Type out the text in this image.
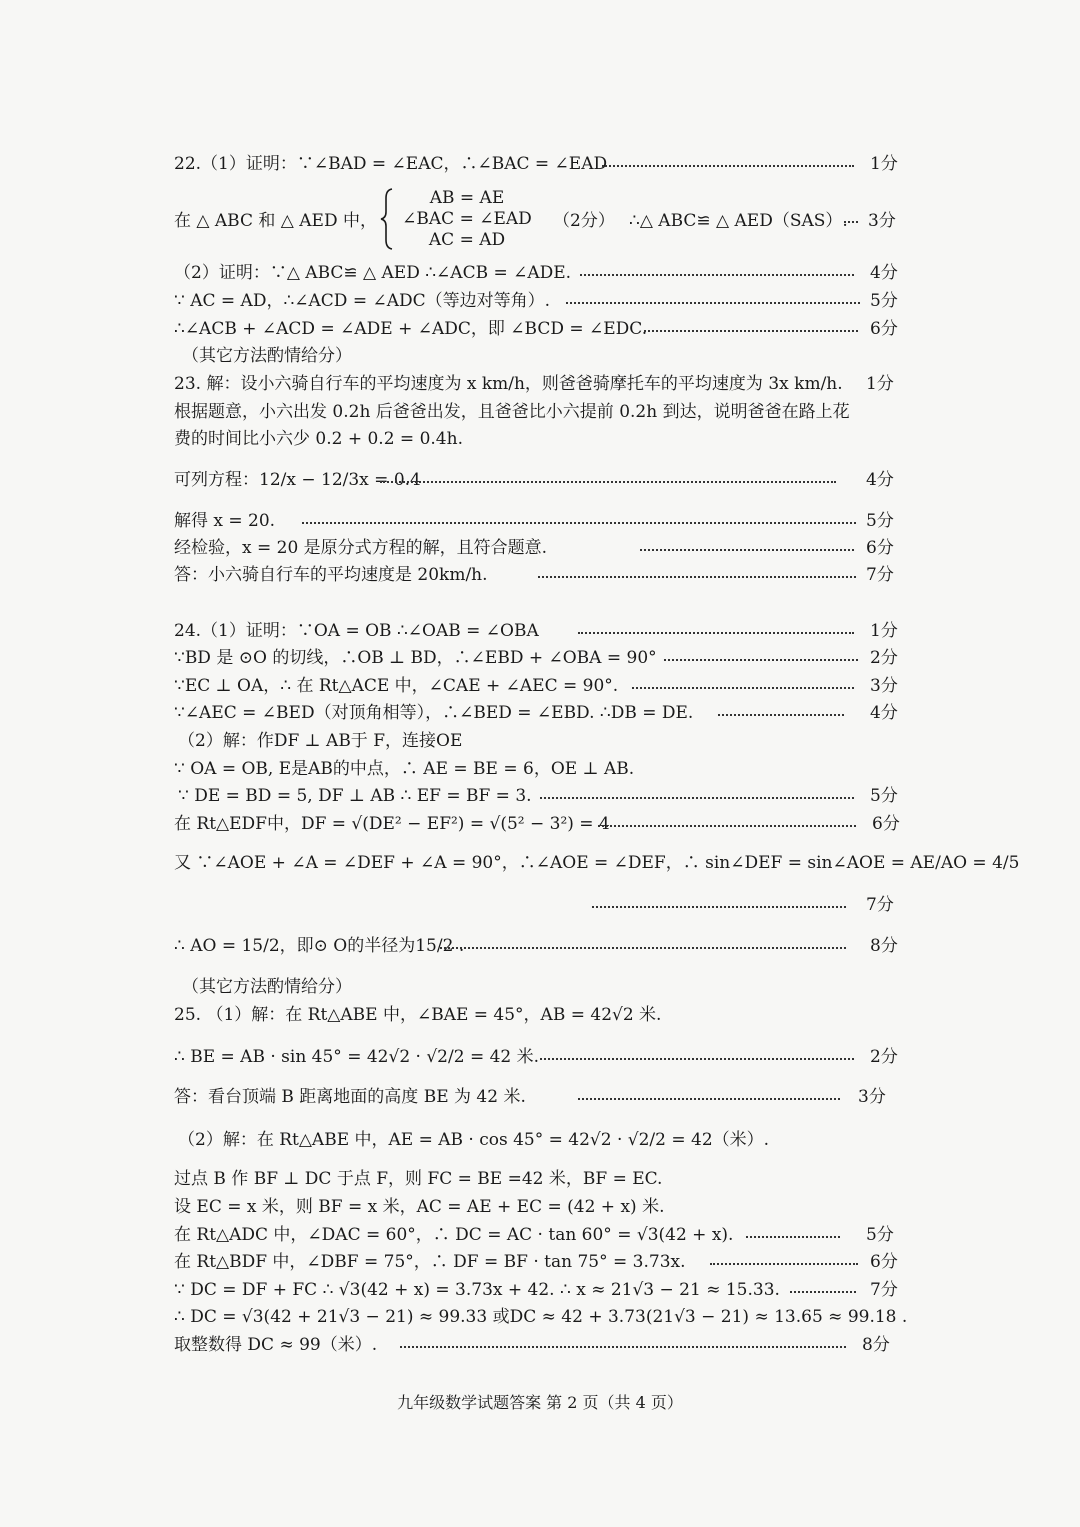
22.（1）证明：∵∠BAD = ∠EAC，∴∠BAC = ∠EAD	1分
在 △ ABC 和 △ AED 中，
AB = AE
∠BAC = ∠EAD
AC = AD
（2分） ∴△ ABC≌ △ AED（SAS）. 3分
（2）证明：∵△ ABC≌ △ AED ∴∠ACB = ∠ADE.	4分
∵ AC = AD，∴∠ACD = ∠ADC（等边对等角）.	5分
∴∠ACB + ∠ACD = ∠ADE + ∠ADC，即 ∠BCD = ∠EDC.	6分
（其它方法酌情给分）
23. 解：设小六骑自行车的平均速度为 x km/h，则爸爸骑摩托车的平均速度为 3x km/h. 1分
根据题意，小六出发 0.2h 后爸爸出发，且爸爸比小六提前 0.2h 到达，说明爸爸在路上花
费的时间比小六少 0.2 + 0.2 = 0.4h.
可列方程：12/x − 12/3x = 0.4	4分
解得 x = 20.	5分
经检验，x = 20 是原分式方程的解，且符合题意.	6分
答：小六骑自行车的平均速度是 20km/h.	7分
24.（1）证明：∵OA = OB ∴∠OAB = ∠OBA	1分
∵BD 是 ⊙O 的切线，∴OB ⊥ BD，∴∠EBD + ∠OBA = 90°	2分
∵EC ⊥ OA，∴ 在 Rt△ACE 中，∠CAE + ∠AEC = 90°.	3分
∵∠AEC = ∠BED（对顶角相等），∴∠BED = ∠EBD. ∴DB = DE.	4分
（2）解：作DF ⊥ AB于 F，连接OE
∵ OA = OB, E是AB的中点，∴ AE = BE = 6，OE ⊥ AB.
∵ DE = BD = 5, DF ⊥ AB ∴ EF = BF = 3.	5分
在 Rt△EDF中，DF = √(DE² − EF²) = √(5² − 3²) = 4	6分
又 ∵∠AOE + ∠A = ∠DEF + ∠A = 90°，∴∠AOE = ∠DEF，∴ sin∠DEF = sin∠AOE = AE/AO = 4/5
7分
∴ AO = 15/2，即⊙ O的半径为15/2 .	8分
（其它方法酌情给分）
25. （1）解：在 Rt△ABE 中，∠BAE = 45°，AB = 42√2 米.
∴ BE = AB · sin 45° = 42√2 · √2/2 = 42 米.	2分
答：看台顶端 B 距离地面的高度 BE 为 42 米.	3分
（2）解：在 Rt△ABE 中，AE = AB · cos 45° = 42√2 · √2/2 = 42（米）.
过点 B 作 BF ⊥ DC 于点 F，则 FC = BE =42 米，BF = EC.
设 EC = x 米，则 BF = x 米，AC = AE + EC = (42 + x) 米.
在 Rt△ADC 中，∠DAC = 60°，∴ DC = AC · tan 60° = √3(42 + x).	5分
在 Rt△BDF 中，∠DBF = 75°，∴ DF = BF · tan 75° = 3.73x.	6分
∵ DC = DF + FC ∴ √3(42 + x) = 3.73x + 42. ∴ x ≈ 21√3 − 21 ≈ 15.33.	7分
∴ DC = √3(42 + 21√3 − 21) ≈ 99.33 或DC ≈ 42 + 3.73(21√3 − 21) ≈ 13.65 ≈ 99.18 .
取整数得 DC ≈ 99（米）.	8分
九年级数学试题答案 第 2 页（共 4 页）
